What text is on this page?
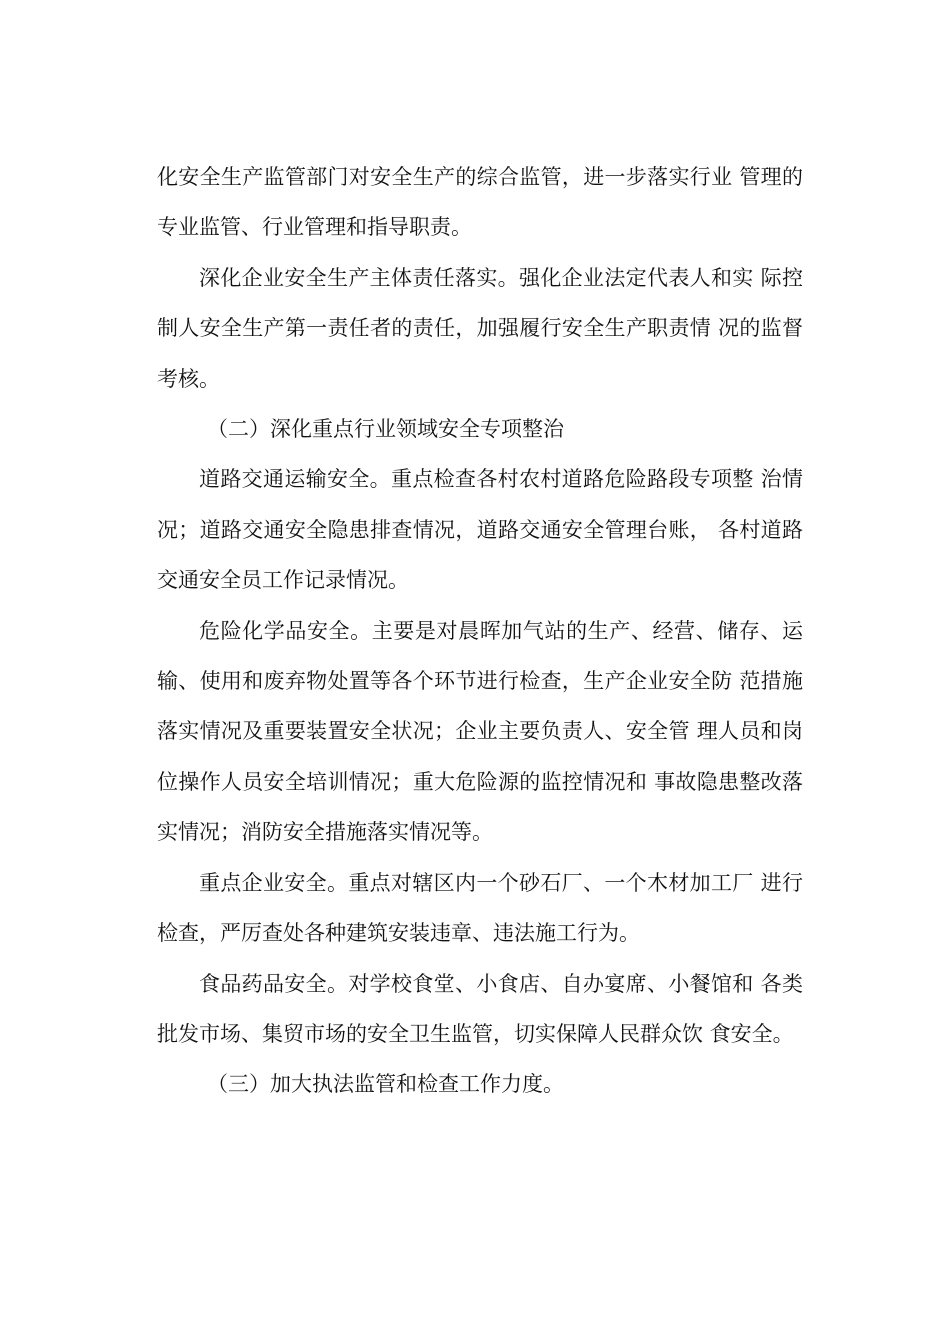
化安全生产监管部门对安全生产的综合监管，进一步落实行业 管理的专业监管、行业管理和指导职责。

深化企业安全生产主体责任落实。强化企业法定代表人和实 际控制人安全生产第一责任者的责任，加强履行安全生产职责情 况的监督考核。

（二）深化重点行业领域安全专项整治

道路交通运输安全。重点检查各村农村道路危险路段专项整 治情况；道路交通安全隐患排查情况，道路交通安全管理台账， 各村道路交通安全员工作记录情况。

危险化学品安全。主要是对晨晖加气站的生产、经营、储存、运输、使用和废弃物处置等各个环节进行检查，生产企业安全防 范措施落实情况及重要装置安全状况；企业主要负责人、安全管 理人员和岗位操作人员安全培训情况；重大危险源的监控情况和 事故隐患整改落实情况；消防安全措施落实情况等。

重点企业安全。重点对辖区内一个砂石厂、一个木材加工厂 进行检查，严厉查处各种建筑安装违章、违法施工行为。

食品药品安全。对学校食堂、小食店、自办宴席、小餐馆和 各类批发市场、集贸市场的安全卫生监管，切实保障人民群众饮 食安全。

（三）加大执法监管和检查工作力度。
